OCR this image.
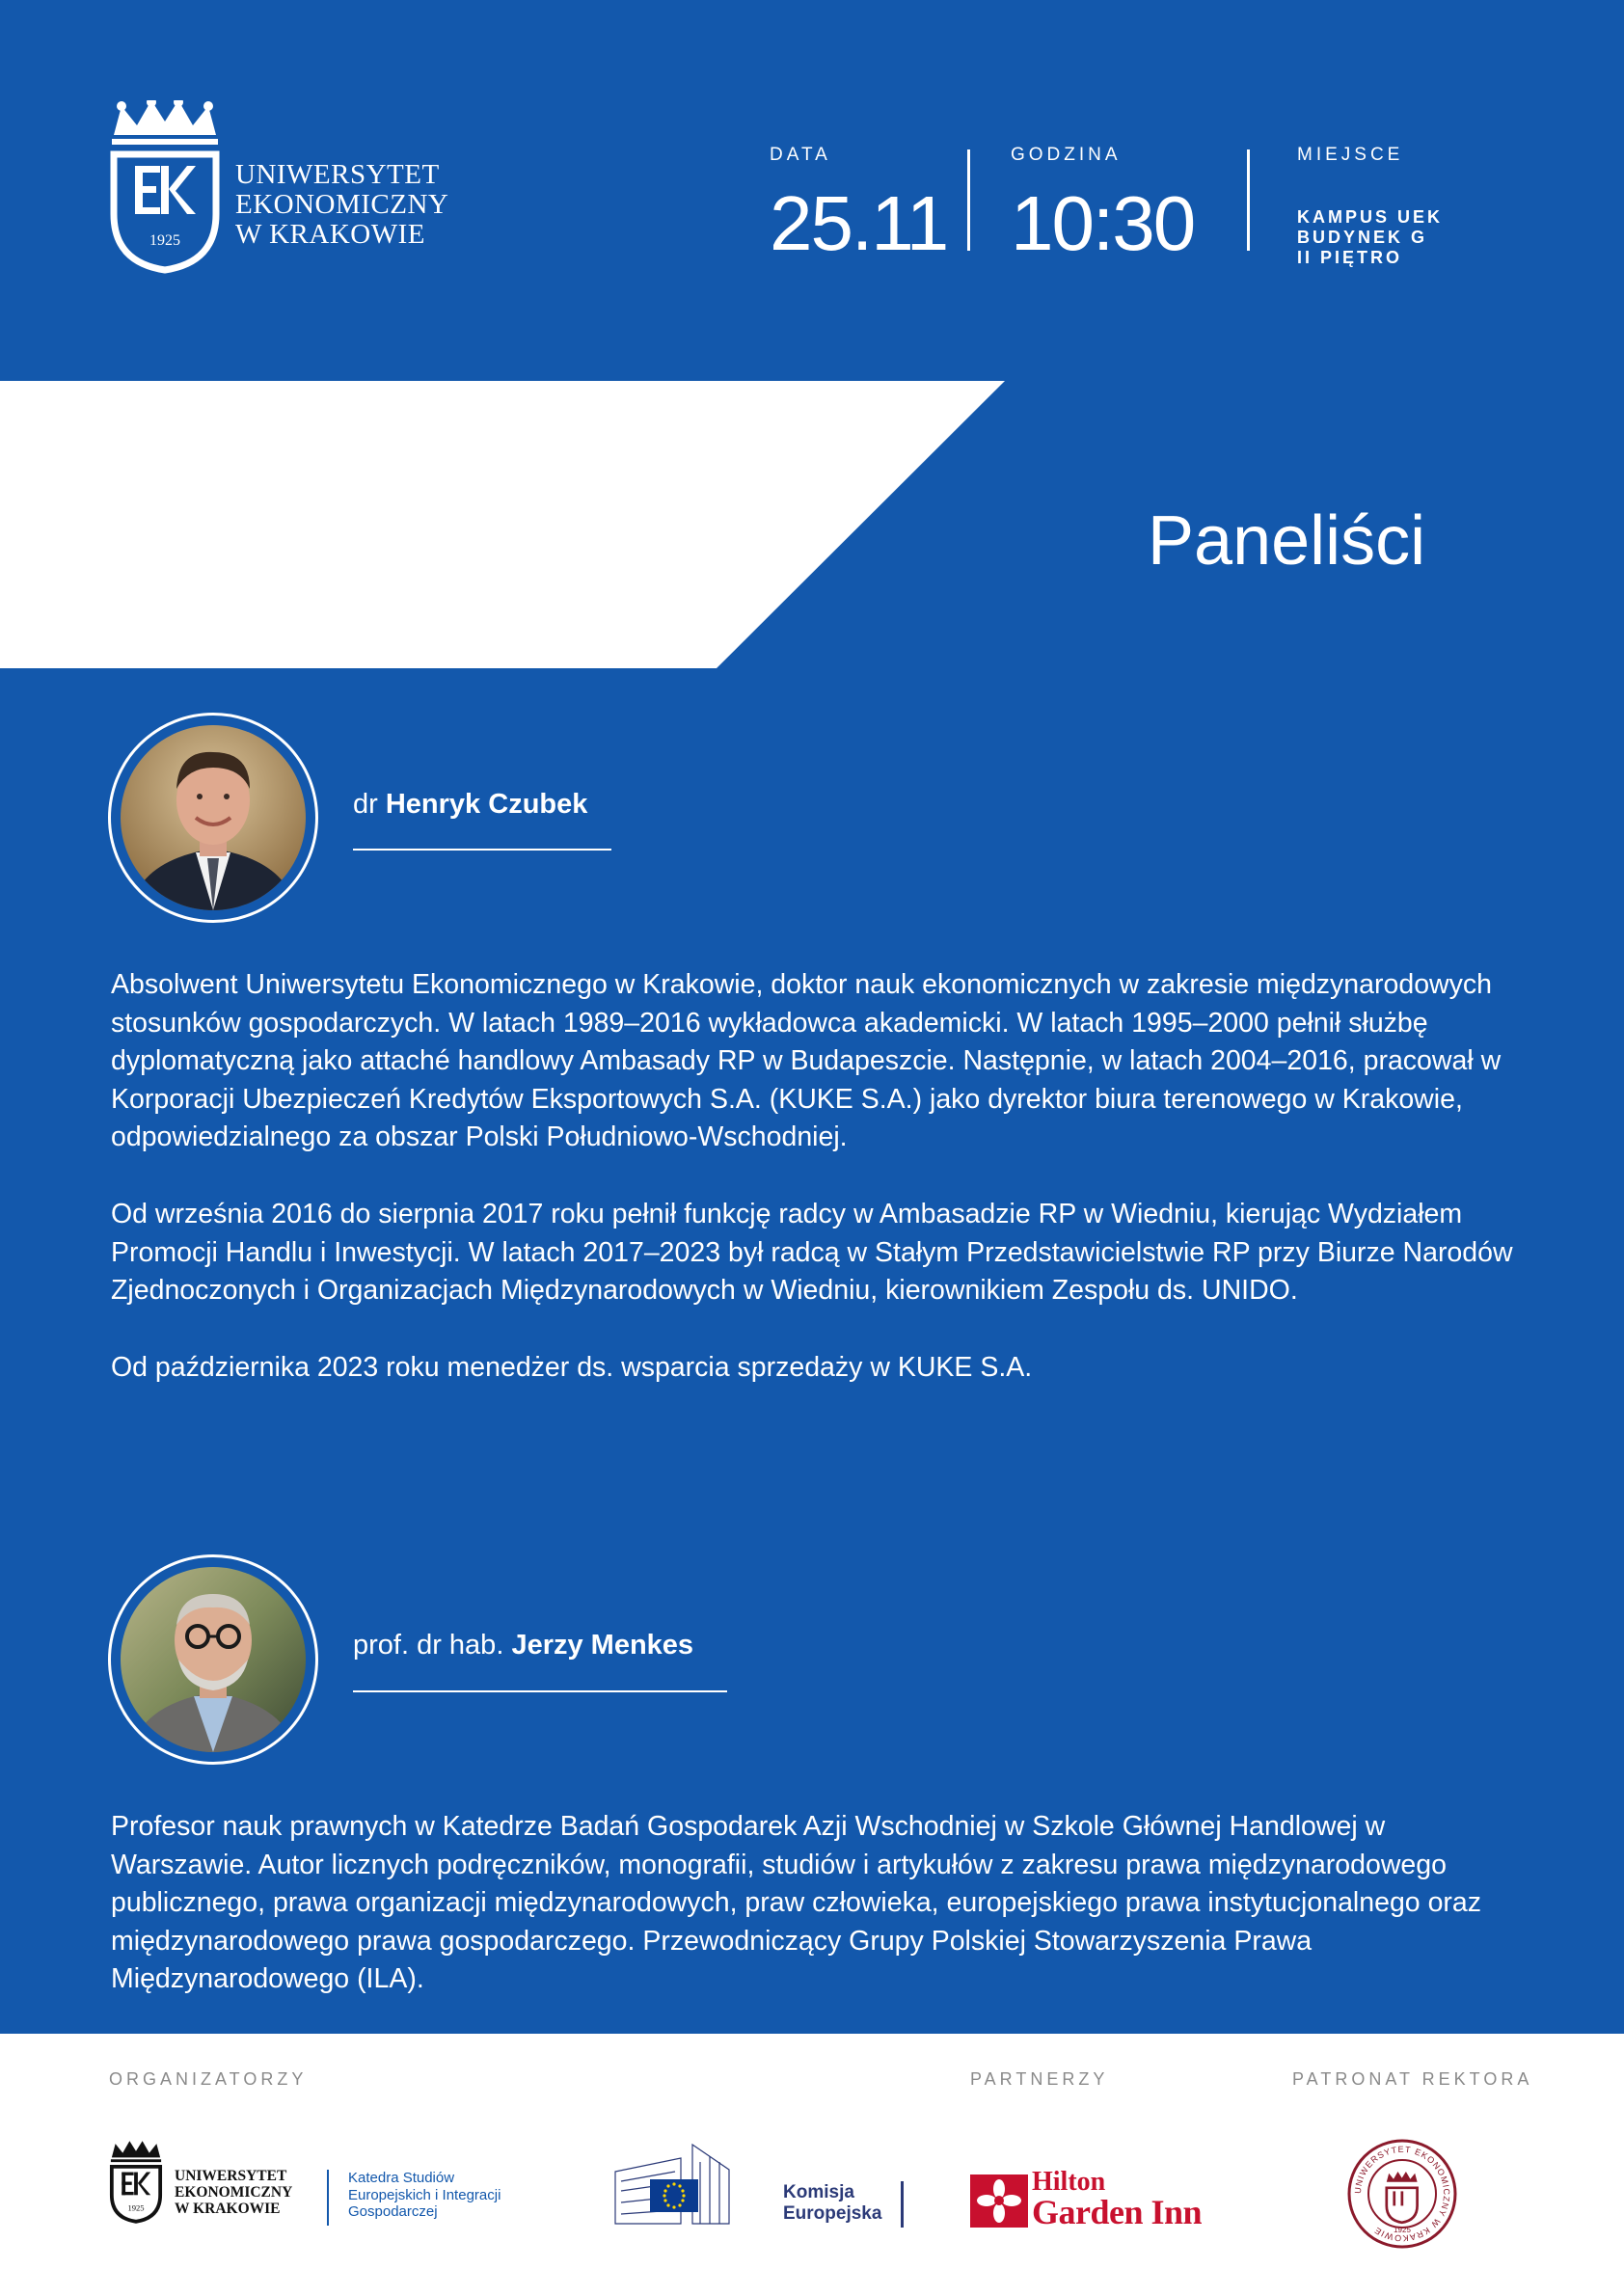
1925
UNIWERSYTET
EKONOMICZNY
W KRAKOWIE
DATA
25.11
GODZINA
10:30
MIEJSCE
KAMPUS UEK
BUDYNEK G
II PIĘTRO
Paneliści
dr Henryk Czubek

Absolwent Uniwersytetu Ekonomicznego w Krakowie, doktor nauk ekonomicznych w zakresie międzynarodowych stosunków gospodarczych. W latach 1989–2016 wykładowca akademicki. W latach 1995–2000 pełnił służbę dyplomatyczną jako attaché handlowy Ambasady RP w Budapeszcie. Następnie, w latach 2004–2016, pracował w Korporacji Ubezpieczeń Kredytów Eksportowych S.A. (KUKE S.A.) jako dyrektor biura terenowego w Krakowie, odpowiedzialnego za obszar Polski Południowo-Wschodniej.

Od września 2016 do sierpnia 2017 roku pełnił funkcję radcy w Ambasadzie RP w Wiedniu, kierując Wydziałem Promocji Handlu i Inwestycji. W latach 2017–2023 był radcą w Stałym Przedstawicielstwie RP przy Biurze Narodów Zjednoczonych i Organizacjach Międzynarodowych w Wiedniu, kierownikiem Zespołu ds. UNIDO.

Od października 2023 roku menedżer ds. wsparcia sprzedaży w KUKE S.A.

prof. dr hab. Jerzy Menkes

Profesor nauk prawnych w Katedrze Badań Gospodarek Azji Wschodniej w Szkole Głównej Handlowej w Warszawie. Autor licznych podręczników, monografii, studiów i artykułów z zakresu prawa międzynarodowego publicznego, prawa organizacji międzynarodowych, praw człowieka, europejskiego prawa instytucjonalnego oraz międzynarodowego prawa gospodarczego. Przewodniczący Grupy Polskiej Stowarzyszenia Prawa Międzynarodowego (ILA).

ORGANIZATORZY	PARTNERZY	PATRONAT REKTORA
1925
UNIWERSYTET
EKONOMICZNY
W KRAKOWIE
Katedra Studiów
Europejskich i Integracji
Gospodarczej
Komisja
Europejska
Hilton
Garden Inn
UNIWERSYTET EKONOMICZNY W KRAKOWIE	1925
